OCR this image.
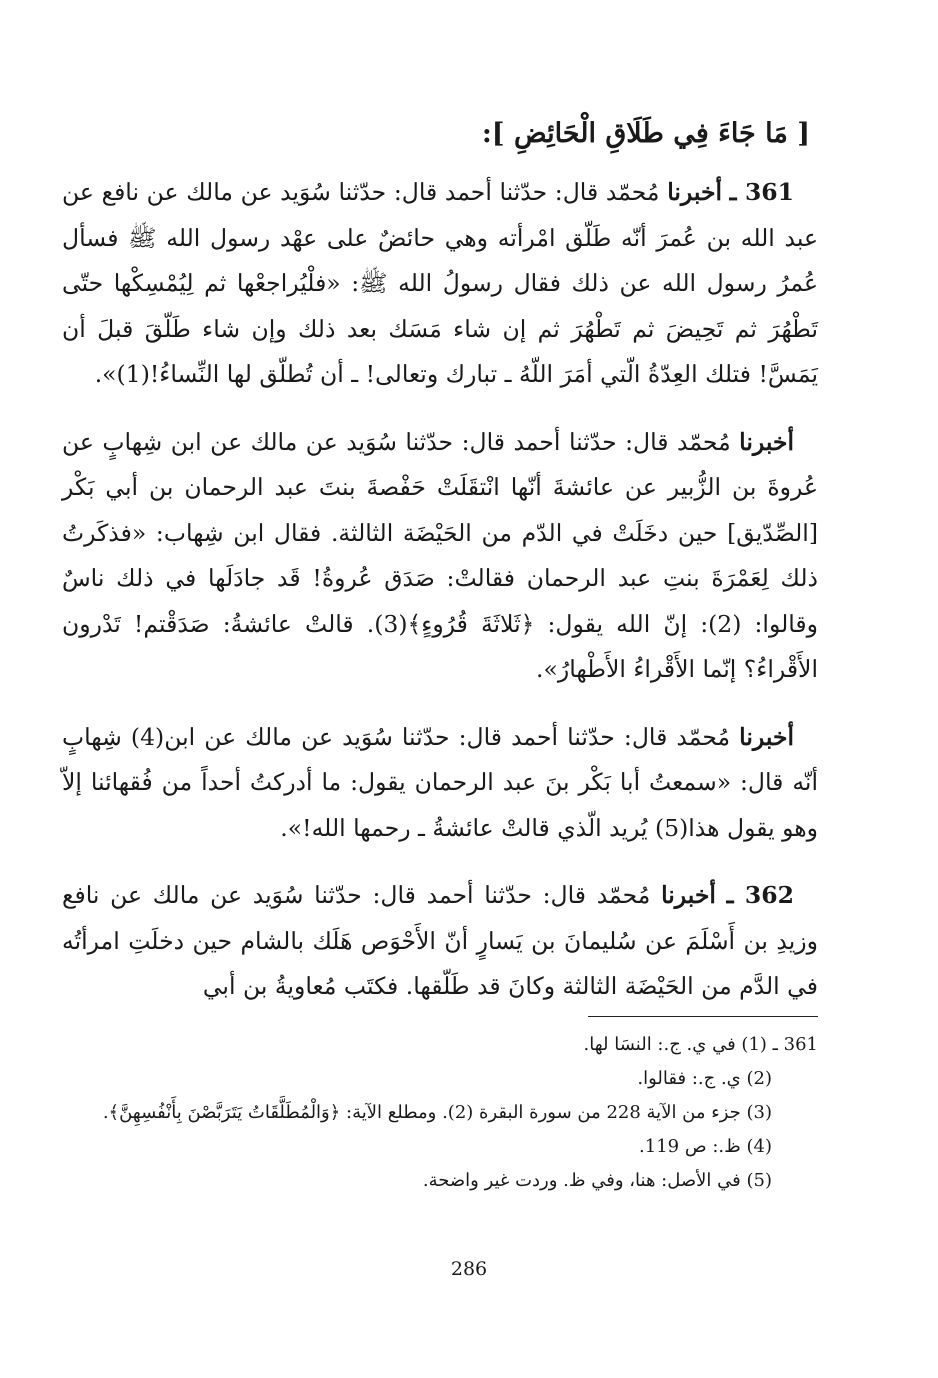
[ مَا جَاءَ فِي طَلَاقِ الْحَائِضِ ]:

361 ـ أخبرنا مُحمّد قال: حدّثنا أحمد قال: حدّثنا سُوَيد عن مالك عن نافع عن عبد الله بن عُمرَ أنّه طَلّق امْرأته وهي حائضٌ على عهْد رسول الله ﷺ فسأل عُمرُ رسول الله عن ذلك فقال رسولُ الله ﷺ: «فلْيُراجعْها ثم لِيُمْسِكْها حتّى تَطْهُرَ ثم تَحِيضَ ثم تَطْهُرَ ثم إن شاء مَسَك بعد ذلك وإن شاء طَلّقَ قبلَ أن يَمَسَّ! فتلك العِدّةُ الّتي أمَرَ اللّهُ ـ تبارك وتعالى! ـ أن تُطلّق لها النِّساءُ!(1)».

أخبرنا مُحمّد قال: حدّثنا أحمد قال: حدّثنا سُوَيد عن مالك عن ابن شِهابٍ عن عُروةَ بن الزُّبير عن عائشةَ أنّها انْتقَلَتْ حَفْصةَ بنتَ عبد الرحمان بن أبي بَكْر [الصِّدّيق] حين دخَلَتْ في الدّم من الحَيْضَة الثالثة. فقال ابن شِهاب: «فذكَرتُ ذلك لِعَمْرَةَ بنتِ عبد الرحمان فقالتْ: صَدَق عُروةُ! قَد جادَلَها في ذلك ناسٌ وقالوا: (2): إنّ الله يقول: ﴿ثَلاثَةَ قُرُوءٍ﴾(3). قالتْ عائشةُ: صَدَقْتم! تَدْرون الأَقْراءُ؟ إنّما الأَقْراءُ الأَطْهارُ».

أخبرنا مُحمّد قال: حدّثنا أحمد قال: حدّثنا سُوَيد عن مالك عن ابن(4) شِهابٍ أنّه قال: «سمعتُ أبا بَكْر بنَ عبد الرحمان يقول: ما أدركتُ أحداً من فُقهائنا إلاّ وهو يقول هذا(5) يُريد الّذي قالتْ عائشةُ ـ رحمها الله!».

362 ـ أخبرنا مُحمّد قال: حدّثنا أحمد قال: حدّثنا سُوَيد عن مالك عن نافع وزيدِ بن أَسْلَمَ عن سُليمانَ بن يَسارٍ أنّ الأَحْوَص هَلَك بالشام حين دخلَتِ امرأتُه في الدَّم من الحَيْضَة الثالثة وكانَ قد طَلّقها. فكتَب مُعاويةُ بن أبي

361 ـ (1) في ي. ج.: النسَا لها.

(2) ي. ج.: فقالوا.

(3) جزء من الآية 228 من سورة البقرة (2). ومطلع الآية: ﴿وَالْمُطَلَّقَاتُ يَتَرَبَّصْنَ بِأَنْفُسِهِنَّ﴾.

(4) ظ.: ص 119.

(5) في الأصل: هنا، وفي ظ. وردت غير واضحة.

286
